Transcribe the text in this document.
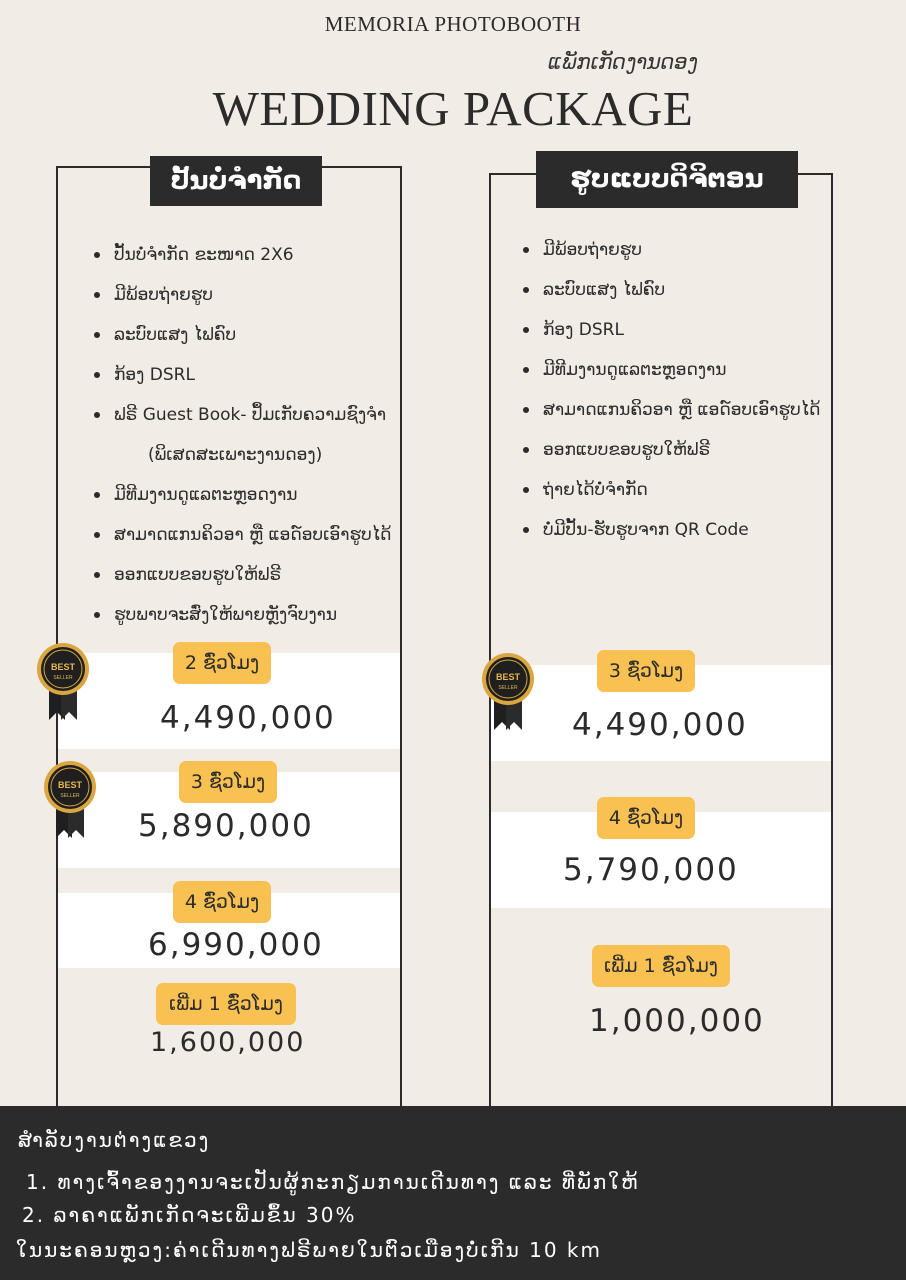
MEMORIA PHOTOBOOTH
ແພັກເກັດງານດອງ
WEDDING PACKAGE
ປັ້ນບໍ່ຈຳກັດ
ປັ້ນບໍ່ຈຳກັດ ຂະໜາດ 2X6
ມີພ້ອບຖ່າຍຮູບ
ລະບົບແສງ ໄຟຄົບ
ກ້ອງ DSRL
ຟຣີ Guest Book- ປຶ້ມເກັບຄວາມຊົງຈຳ
(ພິເສດສະເພາະງານດອງ)
ມີທີມງານດູແລຕະຫຼອດງານ
ສາມາດແກນຄິວອາ ຫຼື ແອດ໌ອບເອົາຮູບໄດ້
ອອກແບບຂອບຮູບໃຫ້ຟຣີ
ຮູບພາບຈະສົ່ງໃຫ້ພາຍຫຼັງຈົບງານ
2 ຊົ່ວໂມງ
4,490,000
3 ຊົ່ວໂມງ
5,890,000
4 ຊົ່ວໂມງ
6,990,000
ເພີ່ມ 1 ຊົ່ວໂມງ
1,600,000
BEST
SELLER
BEST
SELLER
ຮູບແບບດິຈິຕອນ
ມີພ້ອບຖ່າຍຮູບ
ລະບົບແສງ ໄຟຄົບ
ກ້ອງ DSRL
ມີທີມງານດູແລຕະຫຼອດງານ
ສາມາດແກນຄິວອາ ຫຼື ແອດ໌ອບເອົາຮູບໄດ້
ອອກແບບຂອບຮູບໃຫ້ຟຣີ
ຖ່າຍໄດ້ບໍ່ຈຳກັດ
ບໍ່ມີປັ້ນ-ຮັບຮູບຈາກ QR Code
3 ຊົ່ວໂມງ
4,490,000
4 ຊົ່ວໂມງ
5,790,000
ເພີ່ມ 1 ຊົ່ວໂມງ
1,000,000
BEST
SELLER
ສຳລັບງານຕ່າງແຂວງ
1. ທາງເຈົ້າຂອງງານຈະເປັນຜູ້ກະກຽມການເດີນທາງ ແລະ ທີ່ພັກໃຫ້
2. ລາຄາແພັກເກັດຈະເພີ່ມຂຶ້ນ 30%
ໃນນະຄອນຫຼວງ:ຄ່າເດີນທາງຟຣີພາຍໃນຕົວເມືອງບໍ່ເກີນ 10 km
